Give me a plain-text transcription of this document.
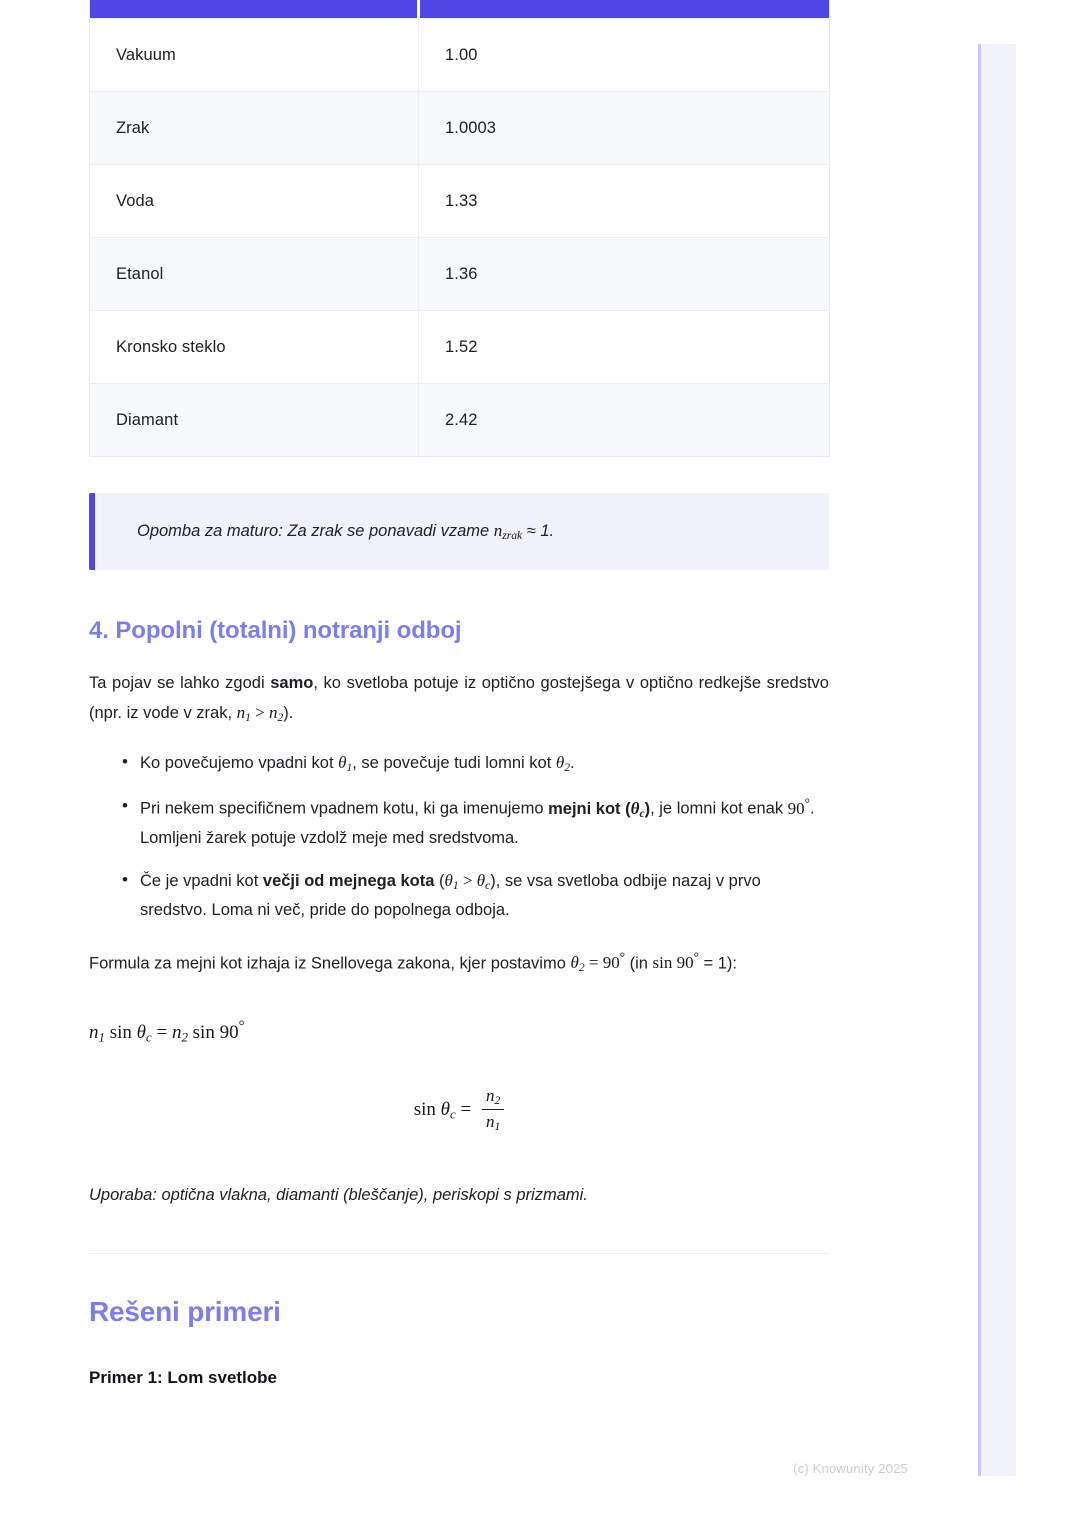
Vakuum	1.00
Zrak	1.0003
Voda	1.33
Etanol	1.36
Kronsko steklo	1.52
Diamant	2.42
Opomba za maturo: Za zrak se ponavadi vzame $n_{zrak} \approx 1$.
4. Popolni (totalni) notranji odboj

Ta pojav se lahko zgodi samo, ko svetloba potuje iz optično gostejšega v optično redkejše sredstvo (npr. iz vode v zrak, $n_1 > n_2$).

• Ko povečujemo vpadni kot $\theta_1$, se povečuje tudi lomni kot $\theta_2$.
• Pri nekem specifičnem vpadnem kotu, ki ga imenujemo mejni kot $(\theta_c)$, je lomni kot enak 90°. Lomljeni žarek potuje vzdolž meje med sredstvoma.
• Če je vpadni kot večji od mejnega kota $(\theta_1 > \theta_c)$, se vsa svetloba odbije nazaj v prvo sredstvo. Loma ni več, pride do popolnega odboja.

Formula za mejni kot izhaja iz Snellovega zakona, kjer postavimo $\theta_2 = 90^\circ$ (in sin 90° = 1):

$n_1$ $\sin \theta_c = n_2$ sin 90°
$\sin \theta_c = \frac{n_2}{n_1}$

Uporaba: optična vlakna, diamanti (bleščanje), periskopi s prizmami.

Rešeni primeri

Primer 1: Lom svetlobe

(c) Knowunity 2025
